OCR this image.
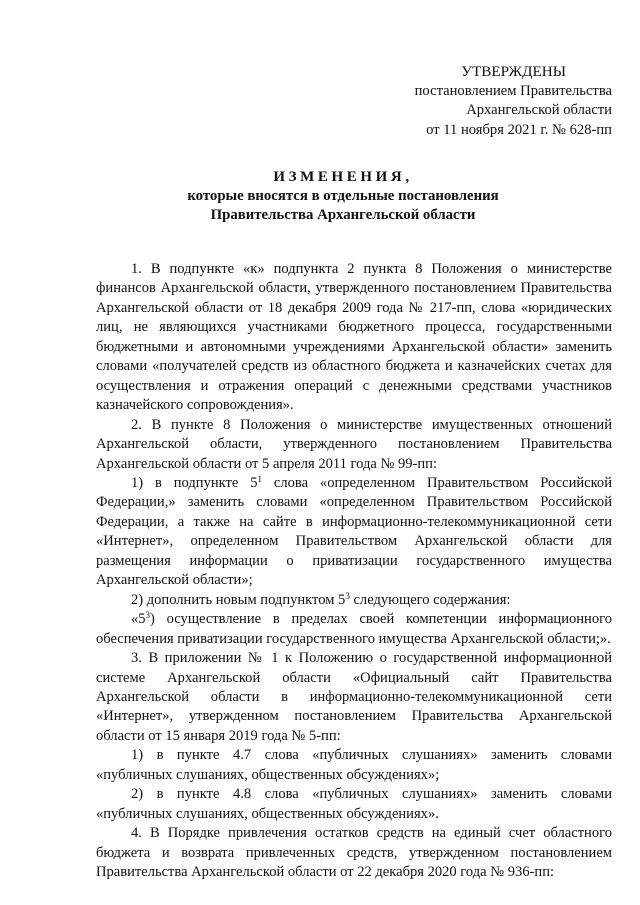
УТВЕРЖДЕНЫ
постановлением Правительства
Архангельской области
от 11 ноября 2021 г. № 628-пп
ИЗМЕНЕНИЯ,
которые вносятся в отдельные постановления
Правительства Архангельской области

1. В подпункте «к» подпункта 2 пункта 8 Положения о министерстве финансов Архангельской области, утвержденного постановлением Правительства Архангельской области от 18 декабря 2009 года № 217-пп, слова «юридических лиц, не являющихся участниками бюджетного процесса, государственными бюджетными и автономными учреждениями Архангельской области» заменить словами «получателей средств из областного бюджета и казначейских счетах для осуществления и отражения операций с денежными средствами участников казначейского сопровождения».

2. В пункте 8 Положения о министерстве имущественных отношений Архангельской области, утвержденного постановлением Правительства Архангельской области от 5 апреля 2011 года № 99-пп:

1) в подпункте $5^1$ слова «определенном Правительством Российской Федерации,» заменить словами «определенном Правительством Российской Федерации, а также на сайте в информационно-телекоммуникационной сети «Интернет», определенном Правительством Архангельской области для размещения информации о приватизации государственного имущества Архангельской области»;

2) дополнить новым подпунктом $5^3$ следующего содержания:

«$5^3$) осуществление в пределах своей компетенции информационного обеспечения приватизации государственного имущества Архангельской области;».

3. В приложении № 1 к Положению о государственной информационной системе Архангельской области «Официальный сайт Правительства Архангельской области в информационно-телекоммуникационной сети «Интернет», утвержденном постановлением Правительства Архангельской области от 15 января 2019 года № 5-пп:

1) в пункте 4.7 слова «публичных слушаниях» заменить словами «публичных слушаниях, общественных обсуждениях»;

2) в пункте 4.8 слова «публичных слушаниях» заменить словами «публичных слушаниях, общественных обсуждениях».

4. В Порядке привлечения остатков средств на единый счет областного бюджета и возврата привлеченных средств, утвержденном постановлением Правительства Архангельской области от 22 декабря 2020 года № 936-пп:
